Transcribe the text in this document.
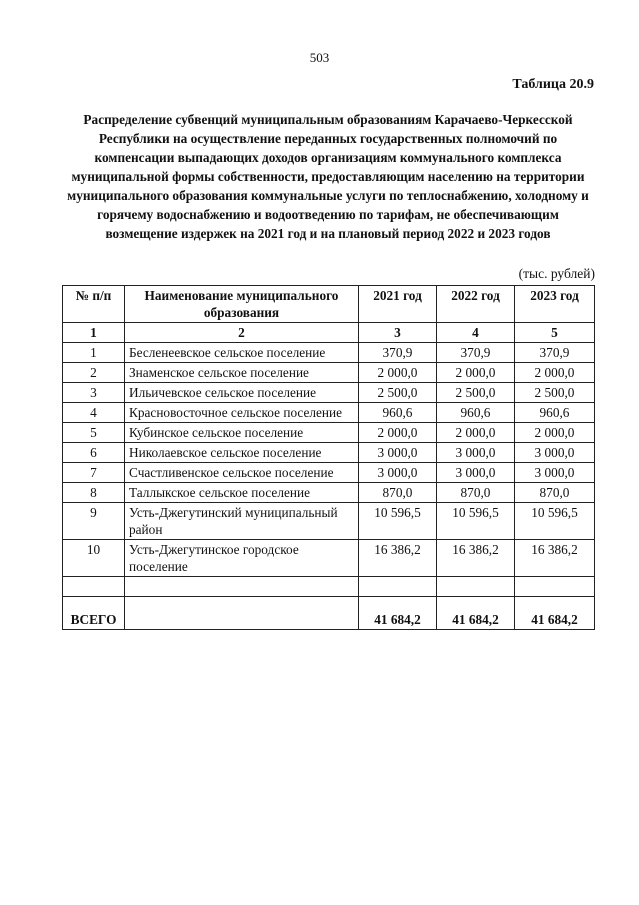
503
Таблица 20.9
Распределение субвенций муниципальным образованиям Карачаево-Черкесской Республики на осуществление переданных государственных полномочий по компенсации выпадающих доходов организациям коммунального комплекса муниципальной формы собственности, предоставляющим населению на территории муниципального образования коммунальные услуги по теплоснабжению, холодному и горячему водоснабжению и водоотведению по тарифам, не обеспечивающим возмещение издержек на 2021 год и на плановый период 2022 и 2023 годов
(тыс. рублей)
№ п/п	Наименование муниципального образования	2021 год	2022 год	2023 год
1	2	3	4	5
1	Бесленеевское сельское поселение	370,9	370,9	370,9
2	Знаменское сельское поселение	2 000,0	2 000,0	2 000,0
3	Ильичевское сельское поселение	2 500,0	2 500,0	2 500,0
4	Красновосточное сельское поселение	960,6	960,6	960,6
5	Кубинское сельское поселение	2 000,0	2 000,0	2 000,0
6	Николаевское сельское поселение	3 000,0	3 000,0	3 000,0
7	Счастливенское сельское поселение	3 000,0	3 000,0	3 000,0
8	Таллыкское сельское поселение	870,0	870,0	870,0
9	Усть-Джегутинский муниципальный район	10 596,5	10 596,5	10 596,5
10	Усть-Джегутинское городское поселение	16 386,2	16 386,2	16 386,2

ВСЕГО		41 684,2	41 684,2	41 684,2
